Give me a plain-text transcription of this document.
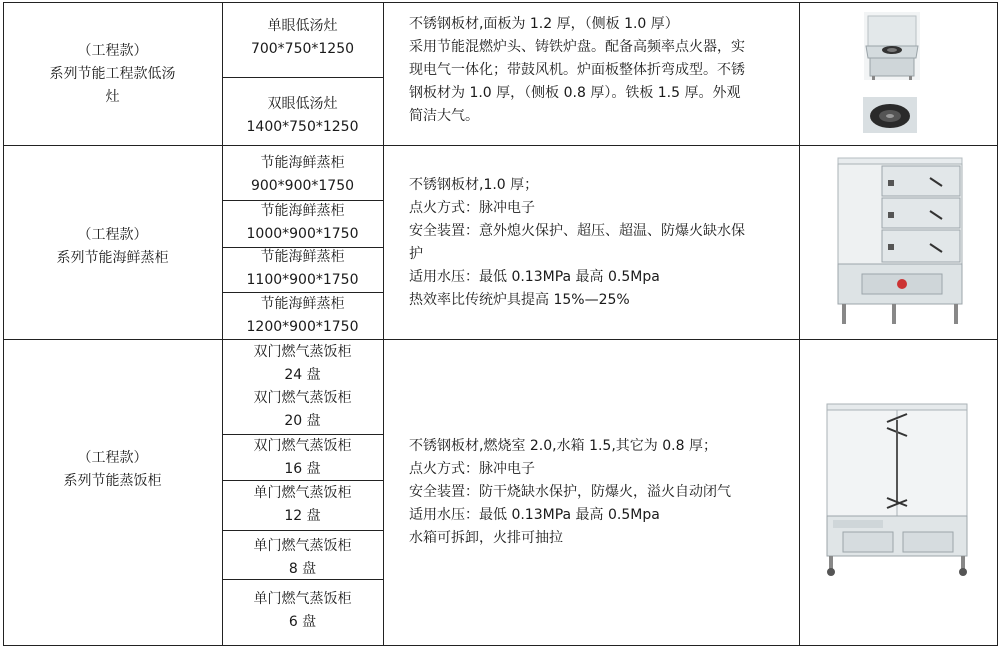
（工程款）
系列节能工程款低汤
灶
单眼低汤灶
700*750*1250
双眼低汤灶
1400*750*1250
不锈钢板材,面板为 1.2 厚，（侧板 1.0 厚）
采用节能混燃炉头、铸铁炉盘。配备高频率点火器，实
现电气一体化；带鼓风机。炉面板整体折弯成型。不锈
钢板材为 1.0 厚，（侧板 0.8 厚）。铁板 1.5 厚。外观
简洁大气。
（工程款）
系列节能海鲜蒸柜
节能海鲜蒸柜
900*900*1750
节能海鲜蒸柜
1000*900*1750
节能海鲜蒸柜
1100*900*1750
节能海鲜蒸柜
1200*900*1750
不锈钢板材,1.0 厚；
点火方式：脉冲电子
安全装置：意外熄火保护、超压、超温、防爆火缺水保
护
适用水压：最低 0.13MPa 最高 0.5Mpa
热效率比传统炉具提高 15%—25%
（工程款）
系列节能蒸饭柜
双门燃气蒸饭柜
24 盘
双门燃气蒸饭柜
20 盘
双门燃气蒸饭柜
16 盘
单门燃气蒸饭柜
12 盘
单门燃气蒸饭柜
8 盘
单门燃气蒸饭柜
6 盘
不锈钢板材,燃烧室 2.0,水箱 1.5,其它为 0.8 厚；
点火方式：脉冲电子
安全装置：防干烧缺水保护，防爆火，溢火自动闭气
适用水压：最低 0.13MPa 最高 0.5Mpa
水箱可拆卸，火排可抽拉
